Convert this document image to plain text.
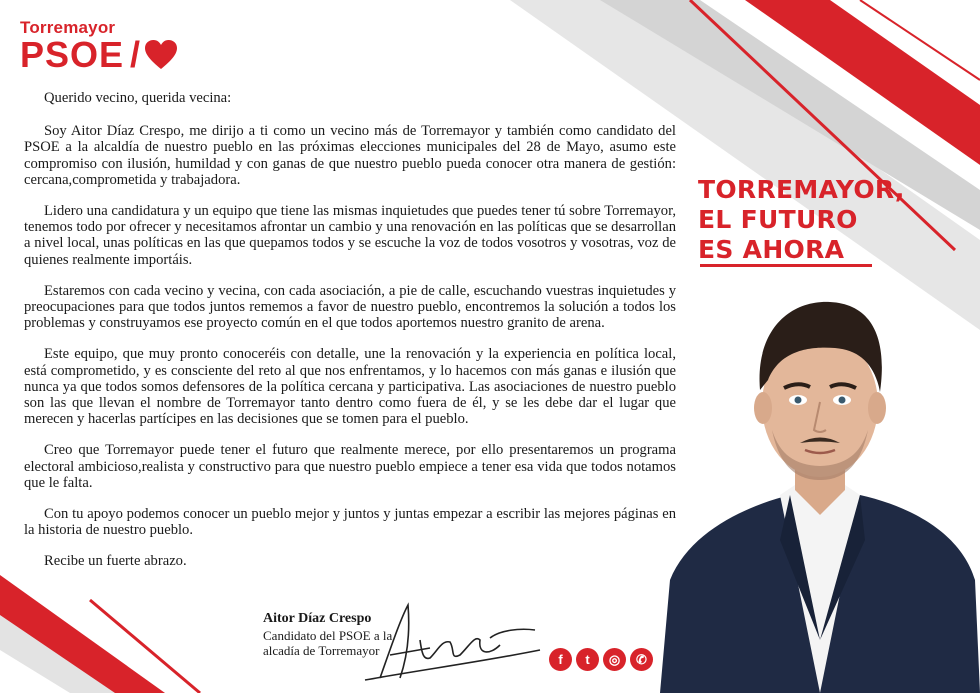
Torremayor
PSOE /

Querido vecino, querida vecina:

Soy Aitor Díaz Crespo, me dirijo a ti como un vecino más de Torremayor y también como candidato del PSOE a la alcaldía de nuestro pueblo en las próximas elecciones municipales del 28 de Mayo, asumo este compromiso con ilusión, humildad y con ganas de que nuestro pueblo pueda conocer otra manera de gestión: cercana,comprometida y trabajadora.

Lidero una candidatura y un equipo que tiene las mismas inquietudes que puedes tener tú sobre Torremayor, tenemos todo por ofrecer y necesitamos afrontar un cambio y una renovación en las políticas que se desarrollan a nivel local, unas políticas en las que quepamos todos y se escuche la voz de todos vosotros y vosotras, voz de quienes realmente importáis.

Estaremos con cada vecino y vecina, con cada asociación, a pie de calle, escuchando vuestras inquietudes y preocupaciones para que todos juntos rememos a favor de nuestro pueblo, encontremos la solución a todos los problemas y construyamos ese proyecto común en el que todos aportemos nuestro granito de arena.

Este equipo, que muy pronto conoceréis con detalle, une la renovación y la experiencia en política local, está comprometido, y es consciente del reto al que nos enfrentamos, y lo hacemos con más ganas e ilusión que nunca ya que todos somos defensores de la política cercana y participativa. Las asociaciones de nuestro pueblo son las que llevan el nombre de Torremayor tanto dentro como fuera de él, y se les debe dar el lugar que merecen y hacerlas partícipes en las decisiones que se tomen para el pueblo.

Creo que Torremayor puede tener el futuro que realmente merece, por ello presentaremos un programa electoral ambicioso,realista y constructivo para que nuestro pueblo empiece a tener esa vida que todos notamos que le falta.

Con tu apoyo podemos conocer un pueblo mejor y juntos y juntas empezar a escribir las mejores páginas en la historia de nuestro pueblo.

Recibe un fuerte abrazo.

TORREMAYOR,
EL FUTURO
ES AHORA
Aitor Díaz Crespo
Candidato del PSOE a la alcadía de Torremayor
f	t	◎	✆
